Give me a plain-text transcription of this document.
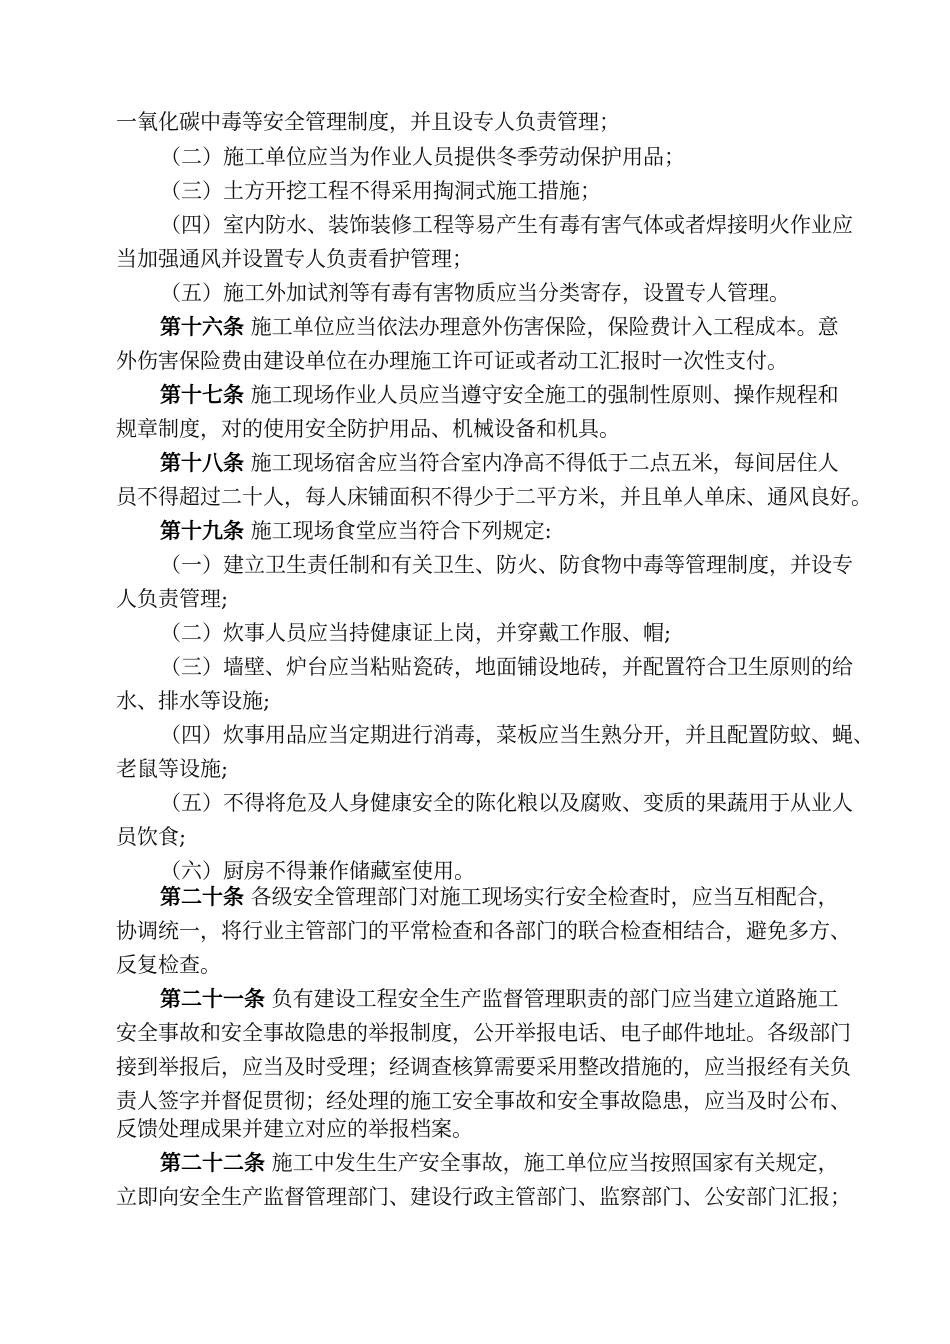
一氧化碳中毒等安全管理制度，并且设专人负责管理；
（二）施工单位应当为作业人员提供冬季劳动保护用品；
（三）土方开挖工程不得采用掏洞式施工措施；
（四）室内防水、装饰装修工程等易产生有毒有害气体或者焊接明火作业应
当加强通风并设置专人负责看护管理；
（五）施工外加试剂等有毒有害物质应当分类寄存，设置专人管理。
第十六条 施工单位应当依法办理意外伤害保险，保险费计入工程成本。意
外伤害保险费由建设单位在办理施工许可证或者动工汇报时一次性支付。
第十七条 施工现场作业人员应当遵守安全施工的强制性原则、操作规程和
规章制度，对的使用安全防护用品、机械设备和机具。
第十八条 施工现场宿舍应当符合室内净高不得低于二点五米，每间居住人
员不得超过二十人，每人床铺面积不得少于二平方米，并且单人单床、通风良好。
第十九条 施工现场食堂应当符合下列规定:
（一）建立卫生责任制和有关卫生、防火、防食物中毒等管理制度，并设专
人负责管理;
（二）炊事人员应当持健康证上岗，并穿戴工作服、帽;
（三）墙壁、炉台应当粘贴瓷砖，地面铺设地砖，并配置符合卫生原则的给
水、排水等设施;
（四）炊事用品应当定期进行消毒，菜板应当生熟分开，并且配置防蚊、蝇、
老鼠等设施;
（五）不得将危及人身健康安全的陈化粮以及腐败、变质的果蔬用于从业人
员饮食;
（六）厨房不得兼作储藏室使用。
第二十条 各级安全管理部门对施工现场实行安全检查时，应当互相配合，
协调统一，将行业主管部门的平常检查和各部门的联合检查相结合，避免多方、
反复检查。
第二十一条 负有建设工程安全生产监督管理职责的部门应当建立道路施工
安全事故和安全事故隐患的举报制度，公开举报电话、电子邮件地址。各级部门
接到举报后，应当及时受理；经调查核算需要采用整改措施的，应当报经有关负
责人签字并督促贯彻；经处理的施工安全事故和安全事故隐患，应当及时公布、
反馈处理成果并建立对应的举报档案。
第二十二条 施工中发生生产安全事故，施工单位应当按照国家有关规定，
立即向安全生产监督管理部门、建设行政主管部门、监察部门、公安部门汇报；
